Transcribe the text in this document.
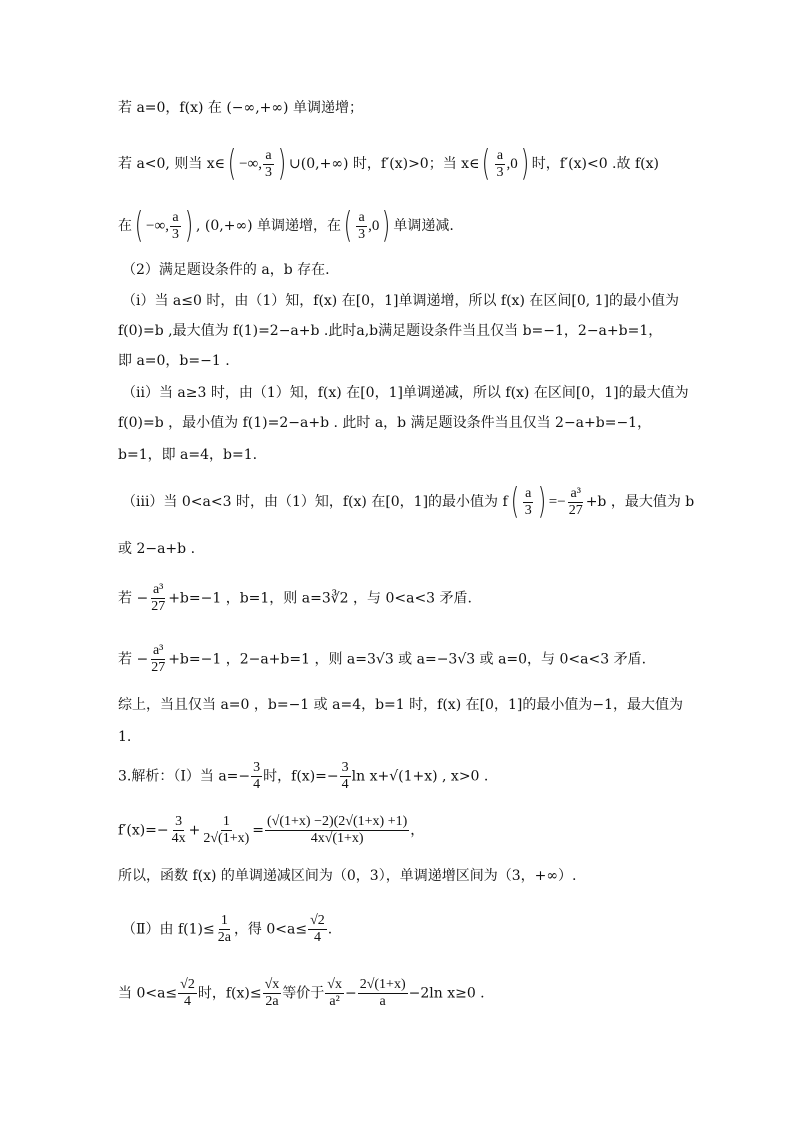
若 a=0，f(x) 在 (−∞,+∞) 单调递增；
若 a<0, 则当 x∈( −∞, $\frac{a}{3}$ ) ∪(0,+∞) 时，f′(x)>0；当 x∈( $\frac{a}{3} ,0$) 时，f′(x)<0 .故 f(x)
在( −∞, $\frac{a}{3}$ ) , (0,+∞) 单调递增，在( $\frac{a}{3} ,0$) 单调递减.
（2）满足题设条件的 a，b 存在.
（i）当 a≤0 时，由（1）知，f(x) 在[0，1]单调递增，所以 f(x) 在区间[0, 1]的最小值为
f(0)=b ,最大值为 f(1)=2−a+b .此时a,b满足题设条件当且仅当 b=−1，2−a+b=1，
即 a=0，b=−1 .
（ii）当 a≥3 时，由（1）知，f(x) 在[0，1]单调递减，所以 f(x) 在区间[0，1]的最大值为
f(0)=b ，最小值为 f(1)=2−a+b . 此时 a，b 满足题设条件当且仅当 2−a+b=−1，
b=1，即 a=4，b=1.
（iii）当 0<a<3 时，由（1）知，f(x) 在[0，1]的最小值为 $f( \frac{a}{3}$ ) =− $\frac{\text{a³}}{27} +b$ ，最大值为 b
或 2−a+b .
若 − $\frac{\text{a³}}{27} +b=-1$ ，b=1，则 a=3∛2 ，与 0<a<3 矛盾.
若 − $\frac{\text{a³}}{27} +b=-1$ ，2−a+b=1 ，则 a=3√3 或 a=−3√3 或 a=0，与 0<a<3 矛盾.
综上，当且仅当 a=0 ，b=−1 或 a=4，b=1 时，f(x) 在[0，1]的最小值为−1，最大值为
1.
3.解析：（Ⅰ）当 $a=- \frac{3}{4}$ 时，$f(x)=- \frac{3}{4}$ ln x+√(1+x) , x>0 .
$f'(x)=- \frac{3}{4x} + \frac{1}{2√(1+x)} = \frac{(√(1+x) -2)(2√(1+x) +1)}{4x√(1+x)}$ ，
所以，函数 f(x) 的单调递减区间为（0，3），单调递增区间为（3，+∞）.
（Ⅱ）由 $f(1)\le \frac{1}{2a}$ ，得 $0<a\le \frac{√2}{4}$ .
当 $0<a\le \frac{√2}{4}$ 时，$f(x)\le \frac{√x}{2a}$ 等价于 $\frac{√x}{\text{a²}} - \frac{2√(1+x)}{a} -2\ln$ x≥0 .
